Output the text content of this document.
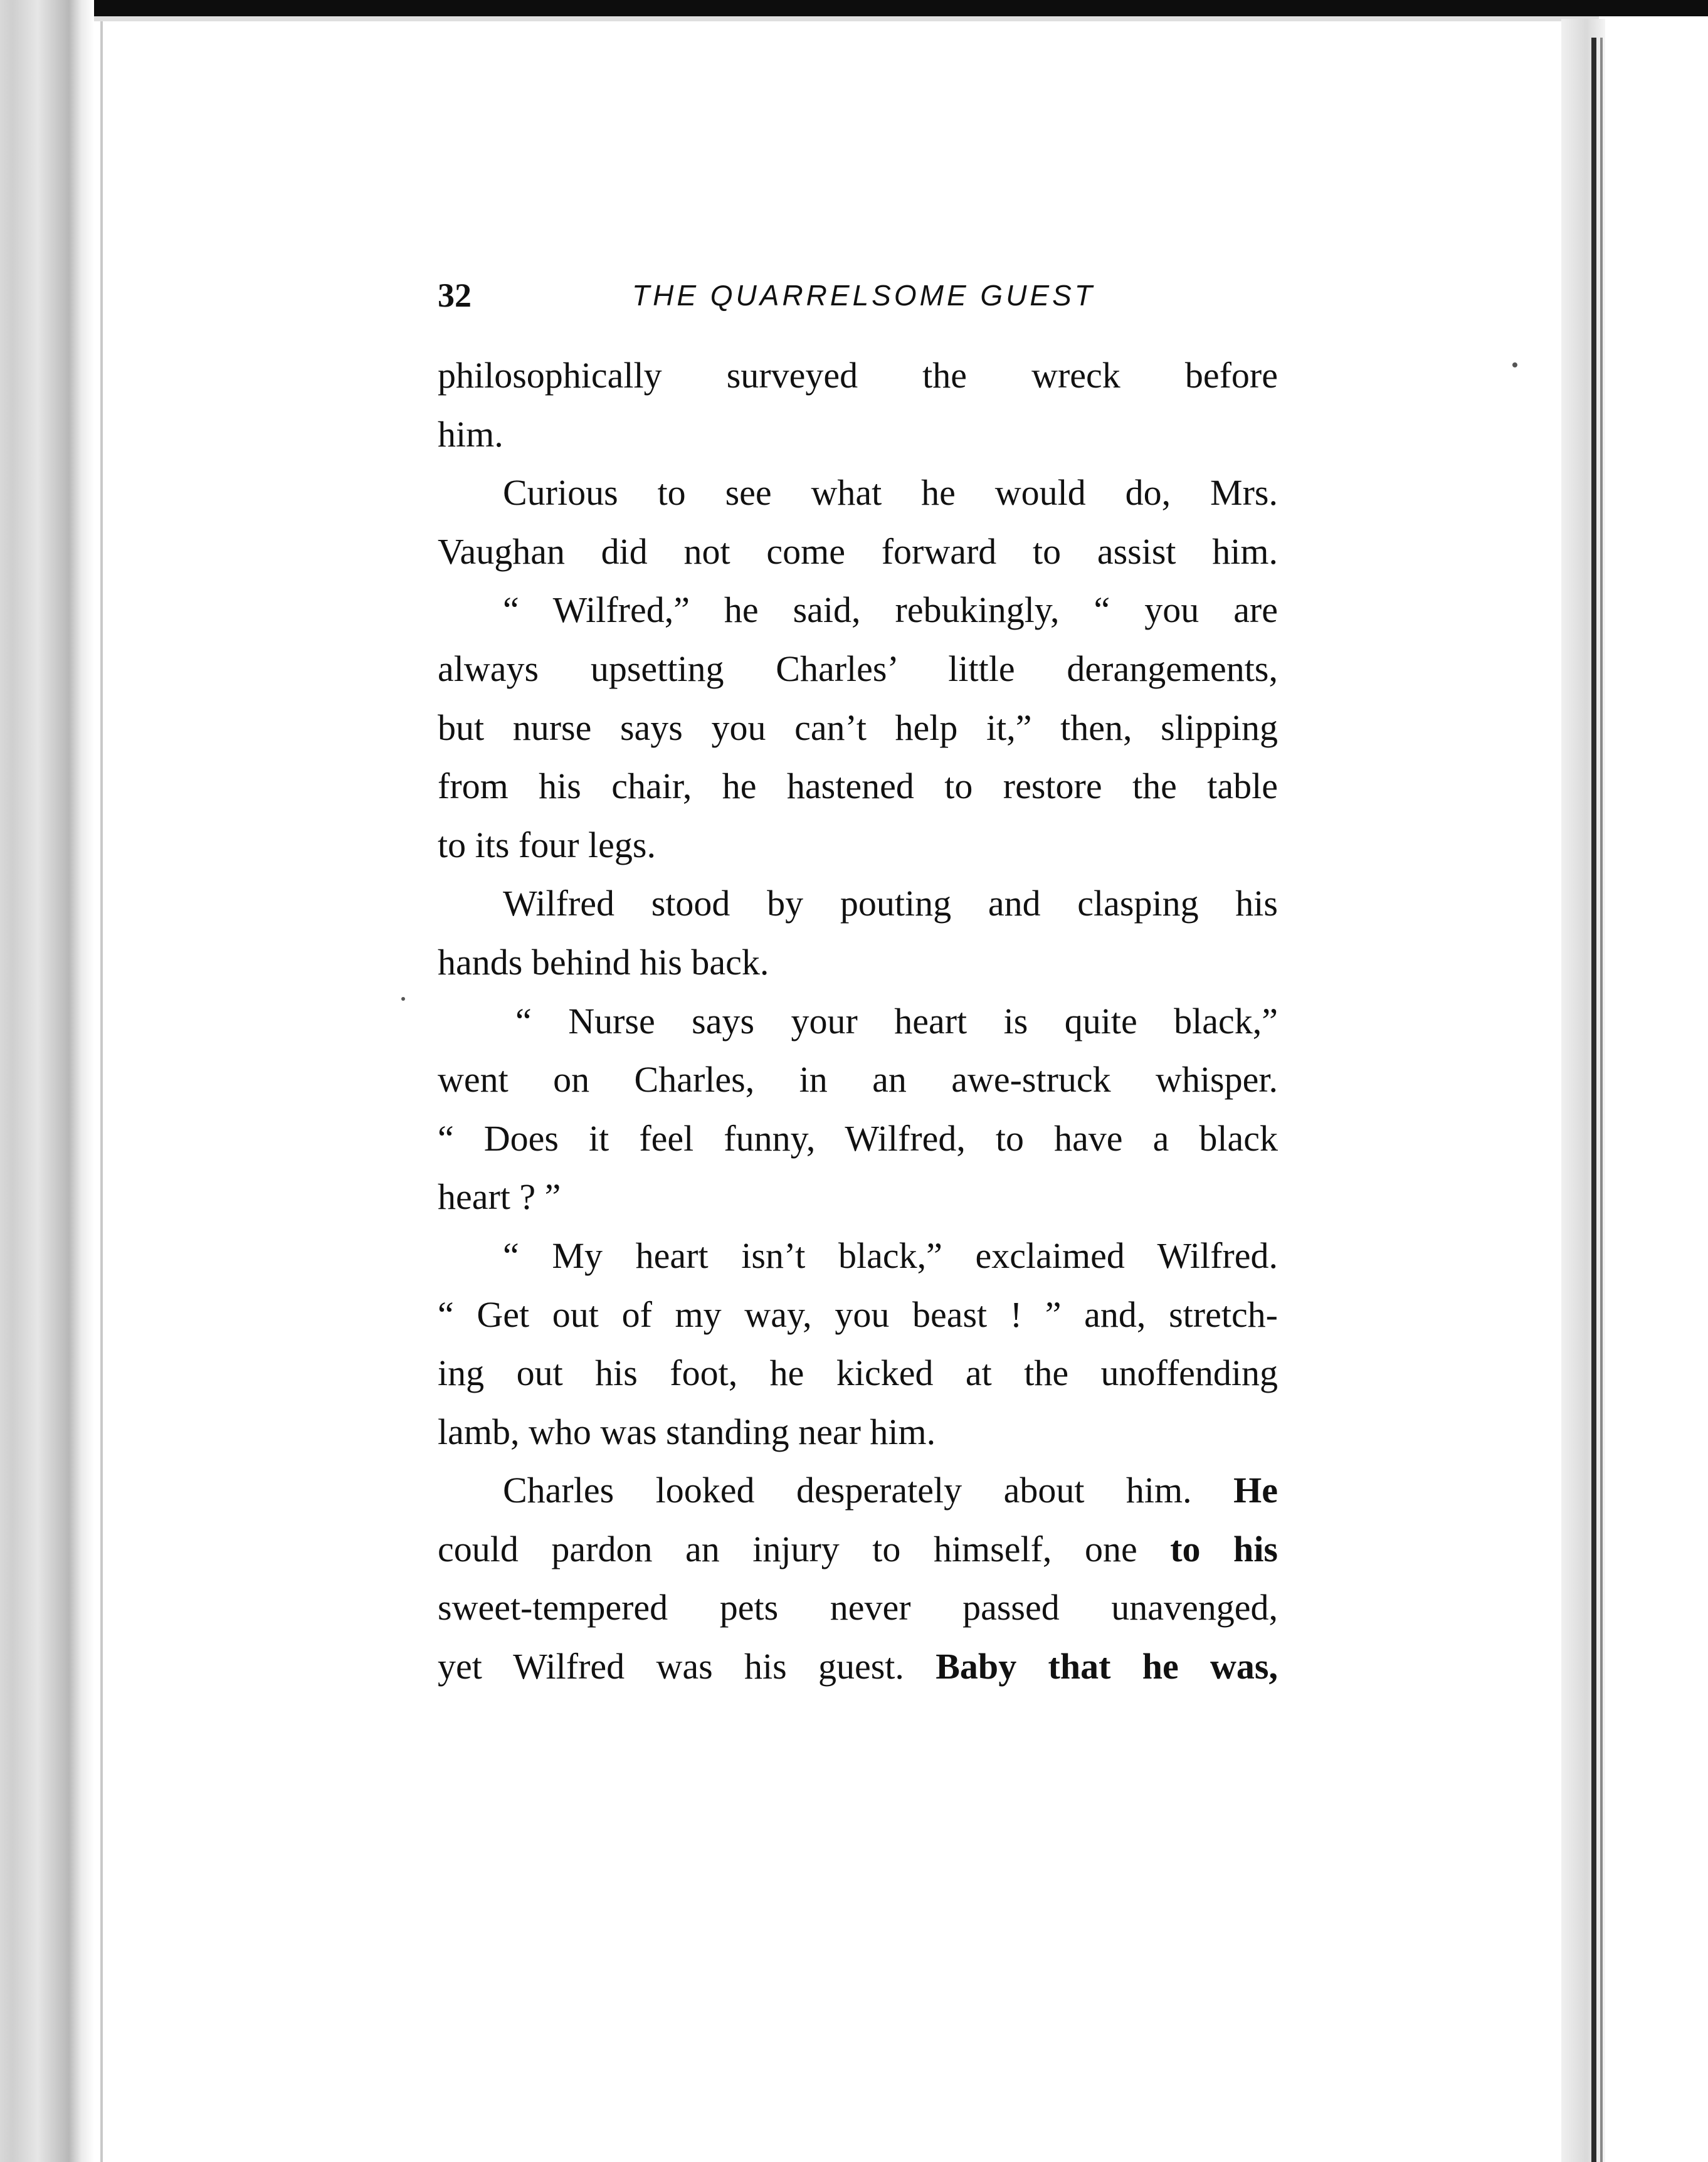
32	THE QUARRELSOME GUEST
philosophically surveyed the wreck before
him.
Curious to see what he would do, Mrs.
Vaughan did not come forward to assist him.
“ Wilfred,” he said, rebukingly, “ you are
always upsetting Charles’ little derangements,
but nurse says you can’t help it,” then, slipping
from his chair, he hastened to restore the table
to its four legs.
Wilfred stood by pouting and clasping his
hands behind his back.
“ Nurse says your heart is quite black,”
went on Charles, in an awe-struck whisper.
“ Does it feel funny, Wilfred, to have a black
heart ? ”
“ My heart isn’t black,” exclaimed Wilfred.
“ Get out of my way, you beast ! ” and, stretch-
ing out his foot, he kicked at the unoffending
lamb, who was standing near him.
Charles looked desperately about him. He
could pardon an injury to himself, one to his
sweet-tempered pets never passed unavenged,
yet Wilfred was his guest. Baby that he was,
